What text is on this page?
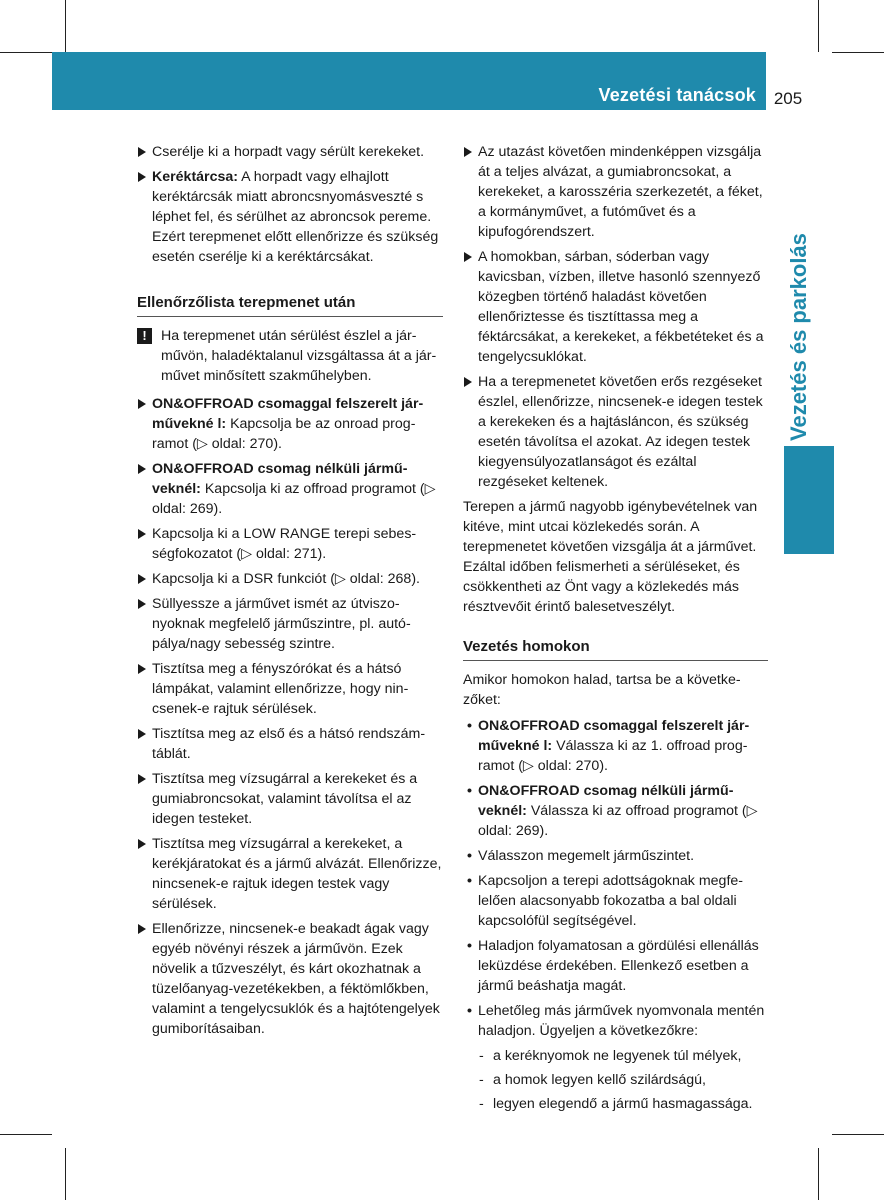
Vezetési tanácsok	205
Vezetés és parkolás
Cserélje ki a horpadt vagy sérült kerekeket.
Keréktárcsa: A horpadt vagy elhajlott keréktárcsák miatt abroncsnyomásveszté s léphet fel, és sérülhet az abroncsok pereme. Ezért terepmenet előtt ellenőrizze és szükség esetén cserélje ki a keréktárcsákat.
Ellenőrzőlista terepmenet után
!	Ha terepmenet után sérülést észlel a járművön, haladéktalanul vizsgáltassa át a járművet minősített szakműhelyben.
ON&OFFROAD csomaggal felszerelt járművekné l: Kapcsolja be az onroad programot (▷ oldal: 270).
ON&OFFROAD csomag nélküli járműveknél: Kapcsolja ki az offroad programot (▷ oldal: 269).
Kapcsolja ki a LOW RANGE terepi sebességfokozatot (▷ oldal: 271).
Kapcsolja ki a DSR funkciót (▷ oldal: 268).
Süllyessze a járművet ismét az útviszonyoknak megfelelő járműszintre, pl. autópálya/nagy sebesség szintre.
Tisztítsa meg a fényszórókat és a hátsó lámpákat, valamint ellenőrizze, hogy nincsenek-e rajtuk sérülések.
Tisztítsa meg az első és a hátsó rendszámtáblát.
Tisztítsa meg vízsugárral a kerekeket és a gumiabroncsokat, valamint távolítsa el az idegen testeket.
Tisztítsa meg vízsugárral a kerekeket, a kerékjáratokat és a jármű alvázát. Ellenőrizze, nincsenek-e rajtuk idegen testek vagy sérülések.
Ellenőrizze, nincsenek-e beakadt ágak vagy egyéb növényi részek a járművön. Ezek növelik a tűzveszélyt, és kárt okozhatnak a tüzelőanyag-vezetékekben, a féktömlőkben, valamint a tengelycsuklók és a hajtótengelyek gumiborításaiban.
Az utazást követően mindenképpen vizsgálja át a teljes alvázat, a gumiabroncsokat, a kerekeket, a karosszéria szerkezetét, a féket, a kormányművet, a futóművet és a kipufogórendszert.
A homokban, sárban, sóderban vagy kavicsban, vízben, illetve hasonló szennyező közegben történő haladást követően ellenőriztesse és tisztíttassa meg a féktárcsákat, a kerekeket, a fékbetéteket és a tengelycsuklókat.
Ha a terepmenetet követően erős rezgéseket észlel, ellenőrizze, nincsenek-e idegen testek a kerekeken és a hajtásláncon, és szükség esetén távolítsa el azokat. Az idegen testek kiegyensúlyozatlanságot és ezáltal rezgéseket keltenek.
Terepen a jármű nagyobb igénybevételnek van kitéve, mint utcai közlekedés során. A terepmenetet követően vizsgálja át a járművet. Ezáltal időben felismerheti a sérüléseket, és csökkentheti az Önt vagy a közlekedés más résztvevőit érintő balesetveszélyt.
Vezetés homokon
Amikor homokon halad, tartsa be a következőket:
• ON&OFFROAD csomaggal felszerelt járművekné l: Válassza ki az 1. offroad programot (▷ oldal: 270).
• ON&OFFROAD csomag nélküli járműveknél: Válassza ki az offroad programot (▷ oldal: 269).
• Válasszon megemelt járműszintet.
• Kapcsoljon a terepi adottságoknak megfelelően alacsonyabb fokozatba a bal oldali kapcsolófül segítségével.
• Haladjon folyamatosan a gördülési ellenállás leküzdése érdekében. Ellenkező esetben a jármű beáshatja magát.
• Lehetőleg más járművek nyomvonala mentén haladjon. Ügyeljen a következőkre:
- a keréknyomok ne legyenek túl mélyek,
- a homok legyen kellő szilárdságú,
- legyen elegendő a jármű hasmagassága.
